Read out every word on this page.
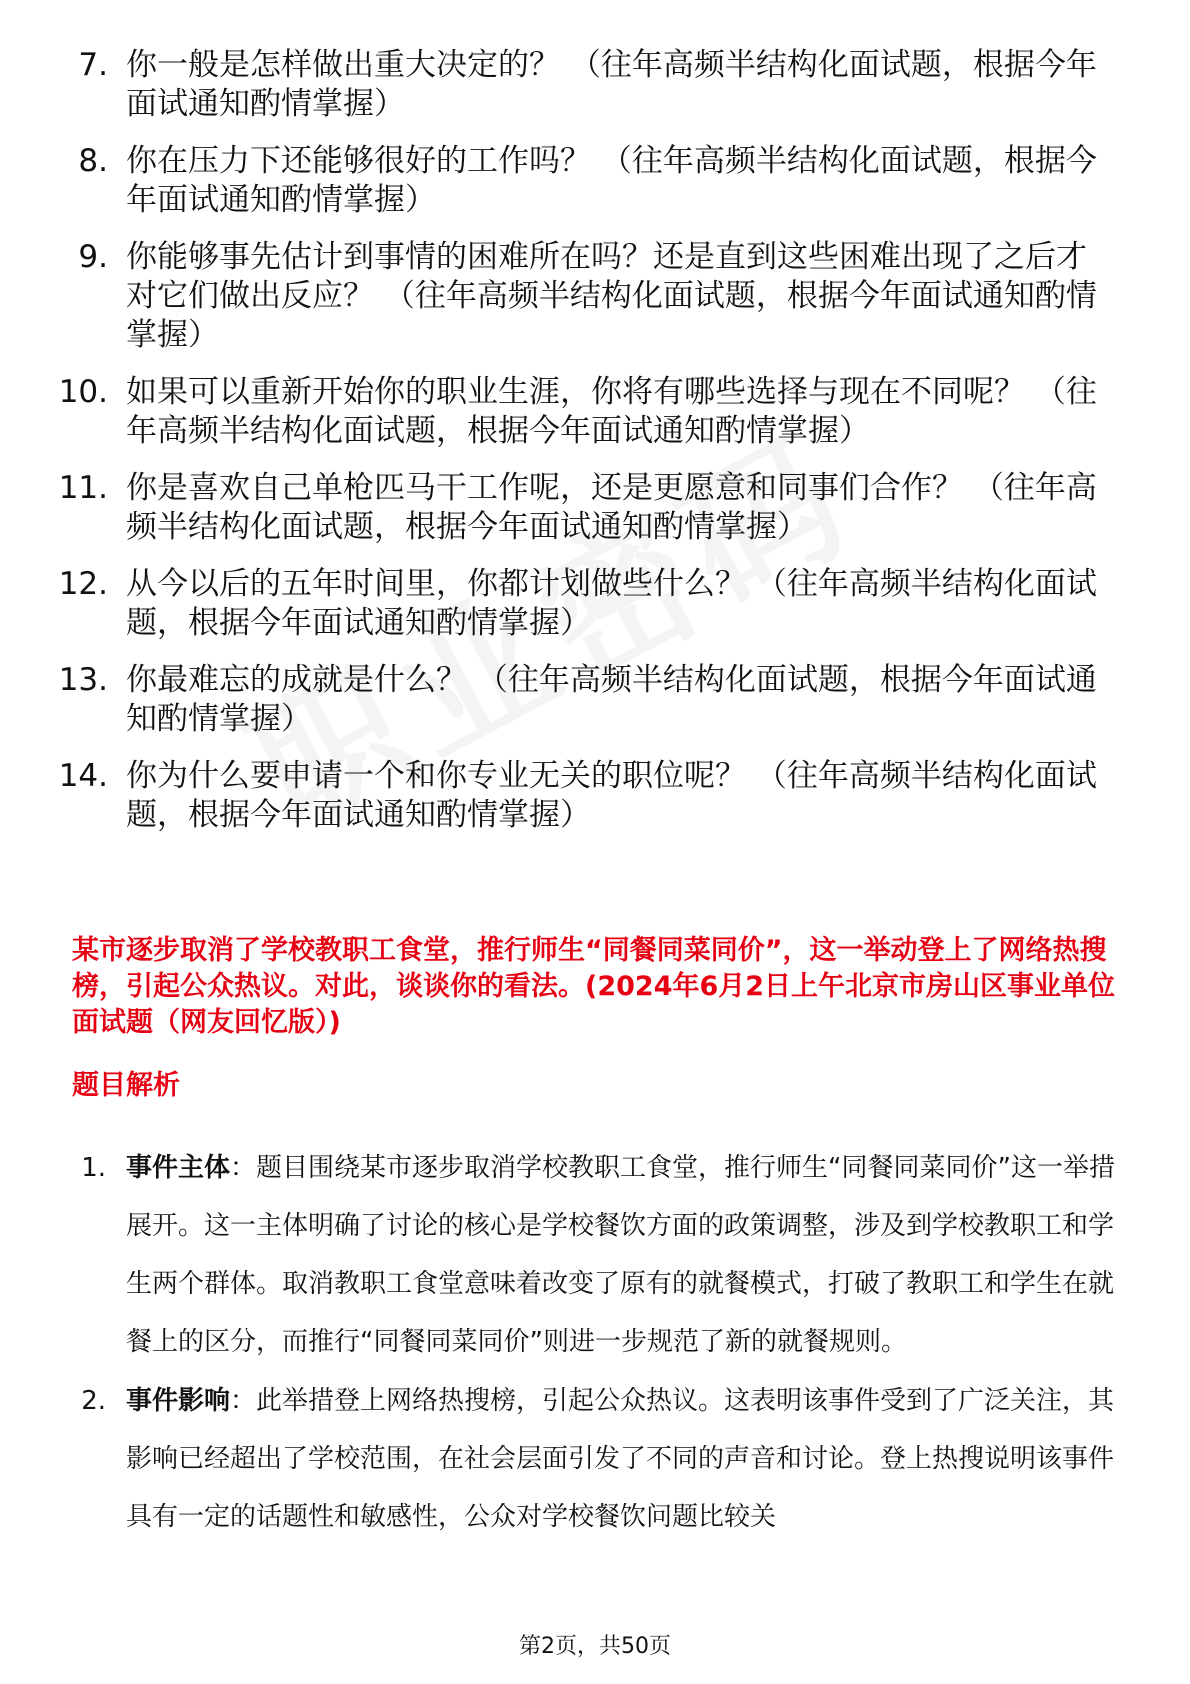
7. 你一般是怎样做出重大决定的？ （往年高频半结构化面试题，根据今年面试通知酌情掌握）
8. 你在压力下还能够很好的工作吗？ （往年高频半结构化面试题，根据今年面试通知酌情掌握）
9. 你能够事先估计到事情的困难所在吗？还是直到这些困难出现了之后才对它们做出反应？ （往年高频半结构化面试题，根据今年面试通知酌情掌握）
10. 如果可以重新开始你的职业生涯，你将有哪些选择与现在不同呢？ （往年高频半结构化面试题，根据今年面试通知酌情掌握）
11. 你是喜欢自己单枪匹马干工作呢，还是更愿意和同事们合作？ （往年高频半结构化面试题，根据今年面试通知酌情掌握）
12. 从今以后的五年时间里，你都计划做些什么？ （往年高频半结构化面试题，根据今年面试通知酌情掌握）
13. 你最难忘的成就是什么？ （往年高频半结构化面试题，根据今年面试通知酌情掌握）
14. 你为什么要申请一个和你专业无关的职位呢？ （往年高频半结构化面试题，根据今年面试通知酌情掌握）
某市逐步取消了学校教职工食堂，推行师生“同餐同菜同价”，这一举动登上了网络热搜榜，引起公众热议。对此，谈谈你的看法。(2024年6月2日上午北京市房山区事业单位面试题（网友回忆版）)
题目解析
1. 事件主体：题目围绕某市逐步取消学校教职工食堂，推行师生“同餐同菜同价”这一举措展开。这一主体明确了讨论的核心是学校餐饮方面的政策调整，涉及到学校教职工和学生两个群体。取消教职工食堂意味着改变了原有的就餐模式，打破了教职工和学生在就餐上的区分，而推行“同餐同菜同价”则进一步规范了新的就餐规则。
2. 事件影响：此举措登上网络热搜榜，引起公众热议。这表明该事件受到了广泛关注，其影响已经超出了学校范围，在社会层面引发了不同的声音和讨论。登上热搜说明该事件具有一定的话题性和敏感性，公众对学校餐饮问题比较关
第2页，共50页
